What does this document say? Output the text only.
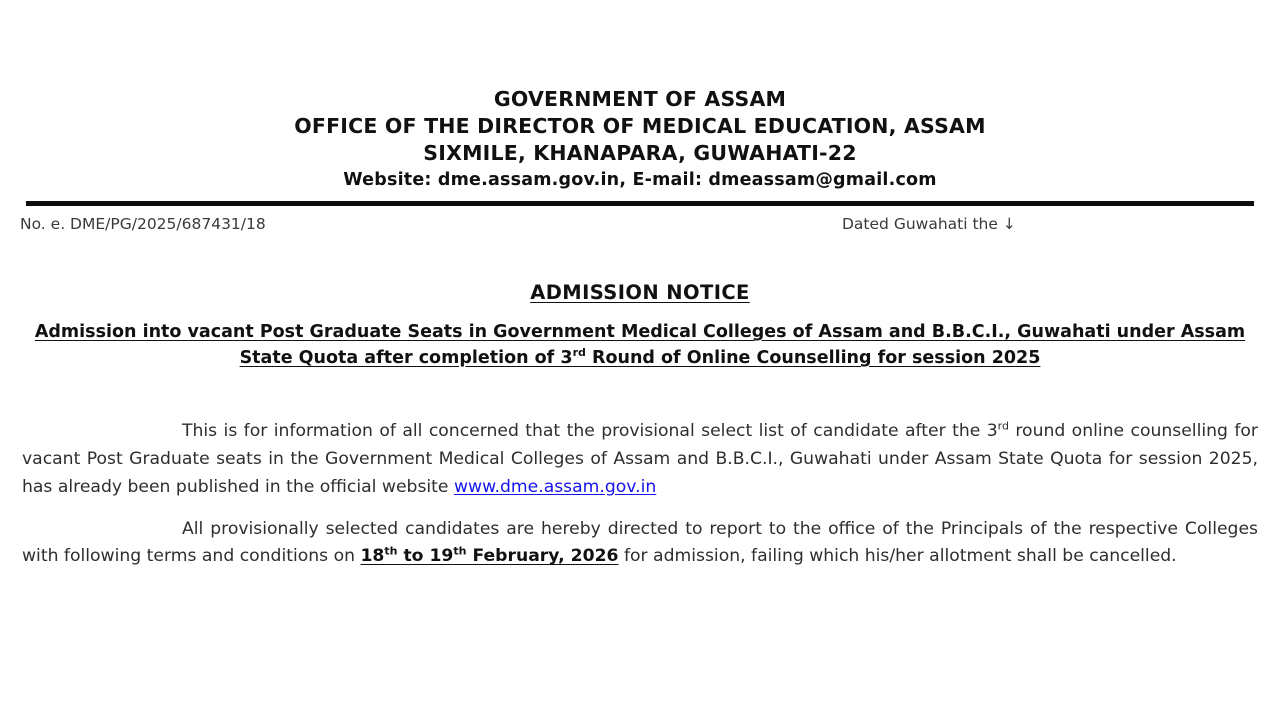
GOVERNMENT OF ASSAM
OFFICE OF THE DIRECTOR OF MEDICAL EDUCATION, ASSAM
SIXMILE, KHANAPARA, GUWAHATI-22
Website: dme.assam.gov.in, E-mail: dmeassam@gmail.com
No. e. DME/PG/2025/687431/18	Dated Guwahati the ↓
ADMISSION NOTICE
Admission into vacant Post Graduate Seats in Government Medical Colleges of Assam and B.B.C.I., Guwahati under Assam State Quota after completion of 3rd Round of Online Counselling for session 2025

This is for information of all concerned that the provisional select list of candidate after the 3rd round online counselling for vacant Post Graduate seats in the Government Medical Colleges of Assam and B.B.C.I., Guwahati under Assam State Quota for session 2025, has already been published in the official website www.dme.assam.gov.in

All provisionally selected candidates are hereby directed to report to the office of the Principals of the respective Colleges with following terms and conditions on 18th to 19th February, 2026 for admission, failing which his/her allotment shall be cancelled.
